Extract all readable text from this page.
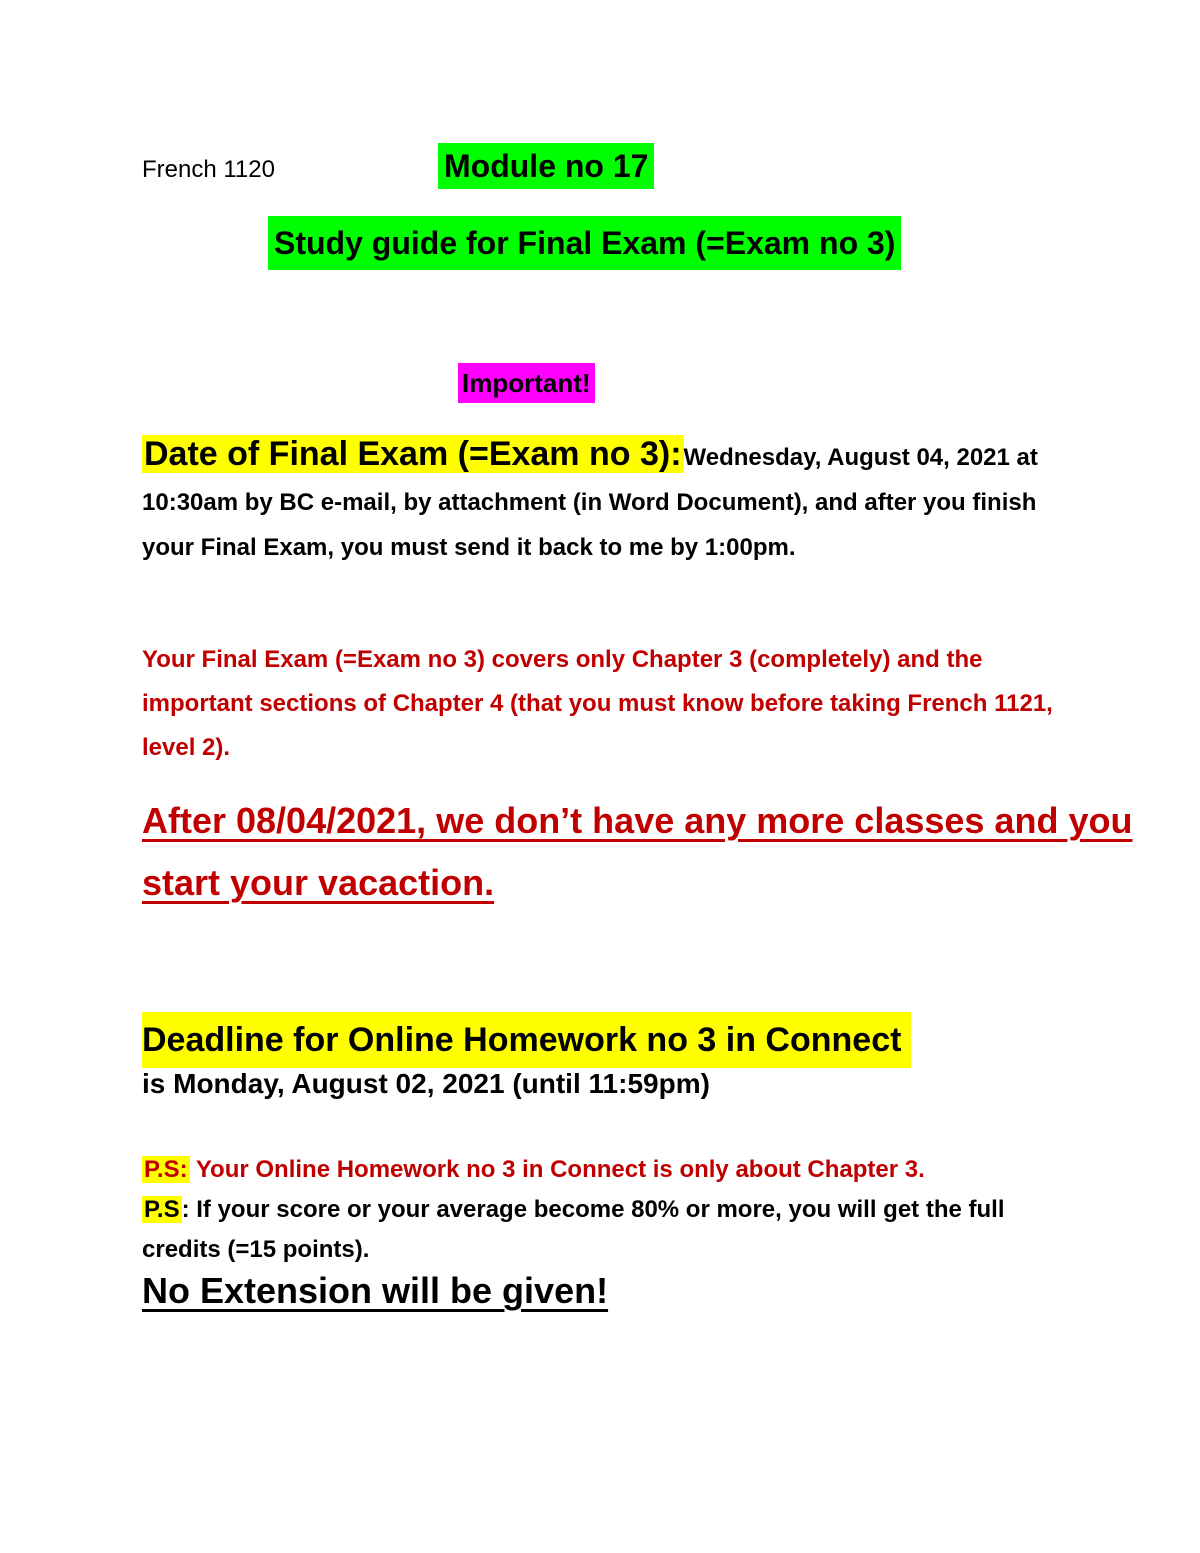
French 1120	Module no 17
Study guide for Final Exam (=Exam no 3)
Important!
Date of Final Exam (=Exam no 3):Wednesday, August 04, 2021 at 10:30am by BC e-mail, by attachment (in Word Document), and after you finish your Final Exam, you must send it back to me by 1:00pm.
Your Final Exam (=Exam no 3) covers only Chapter 3 (completely) and the important sections of Chapter 4 (that you must know before taking French 1121, level 2).
After 08/04/2021, we don’t have any more classes and you start your vacaction.
Deadline for Online Homework no 3 in Connect
is Monday, August 02, 2021 (until 11:59pm)
P.S: Your Online Homework no 3 in Connect is only about Chapter 3.
P.S: If your score or your average become 80% or more, you will get the full credits (=15 points).
No Extension will be given!
